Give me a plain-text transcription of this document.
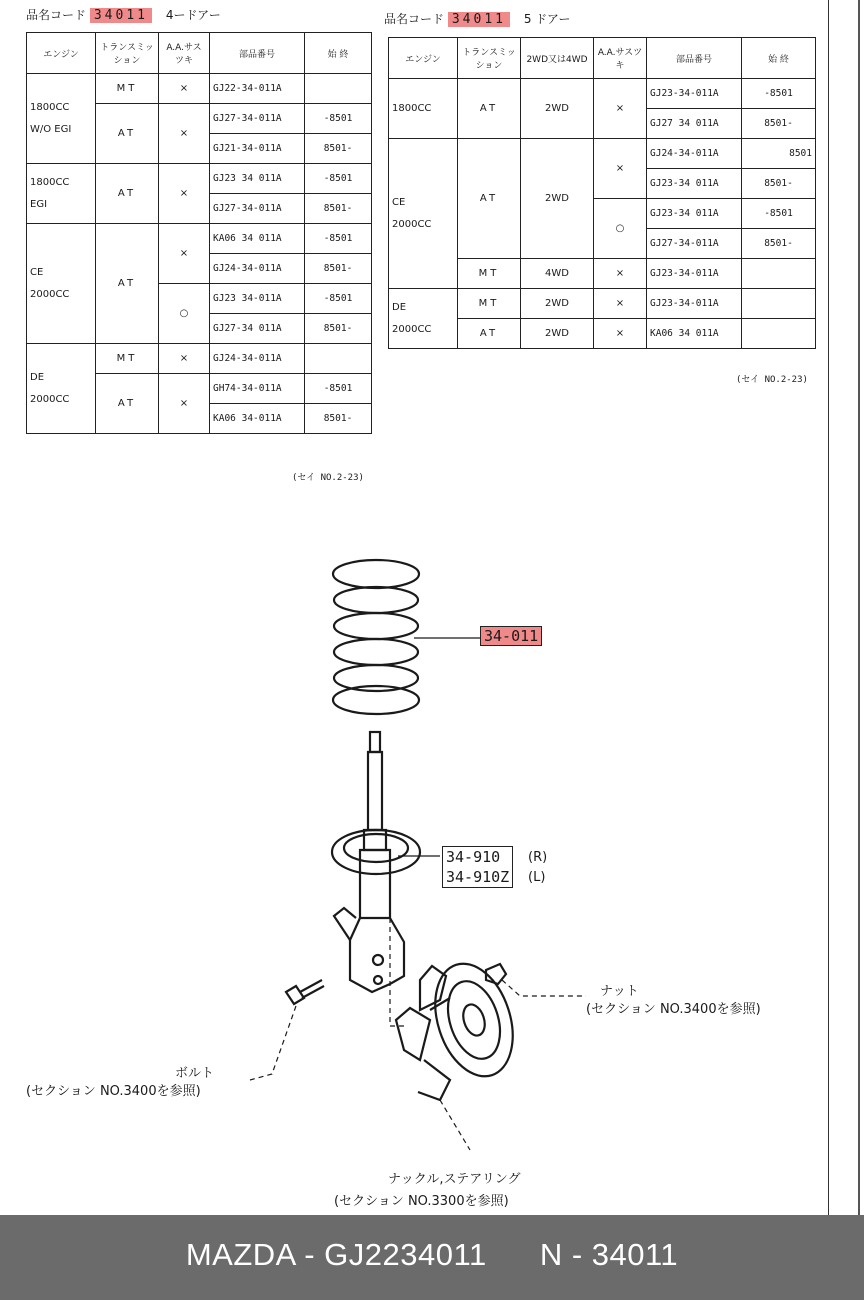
品名コード 34011 4ードアー
エンジン	トランスミッション	A.A.サスツキ	部品番号	始 終

1800CC
W/O EGI	MT	×	GJ22-34-011A	
	AT	×	GJ27-34-011A	-8501
			GJ21-34-011A	8501-

1800CC
EGI	AT	×	GJ23 34 011A	-8501
			GJ27-34-011A	8501-

CE
2000CC	AT	×	KA06 34 011A	-8501
			GJ24-34-011A	8501-
		○	GJ23 34-011A	-8501
			GJ27-34 011A	8501-

DE
2000CC	MT	×	GJ24-34-011A	
	AT	×	GH74-34-011A	-8501
			KA06 34-011A	8501-
(セイ NO.2-23)
品名コード 34011 5 ドアー
エンジン	トランスミッション	2WD又は4WD	A.A.サスツキ	部品番号	始 終
1800CC	AT	2WD	×	GJ23-34-011A	-8501
				GJ27 34 011A	8501-

CE
2000CC	AT	2WD	×	GJ24-34-011A	8501
				GJ23-34 011A	8501-
			○	GJ23-34 011A	-8501
				GJ27-34-011A	8501-
	MT	4WD	×	GJ23-34-011A	

DE
2000CC	MT	2WD	×	GJ23-34-011A	
	AT	2WD	×	KA06 34 011A	
(セイ NO.2-23)
34-011
34-910
34-910Z
(R)
(L)
ナット
(セクション NO.3400を参照)
ボルト
(セクション NO.3400を参照)
ナックル,ステアリング
(セクション NO.3300を参照)
MAZDA - GJ2234011 N - 34011
